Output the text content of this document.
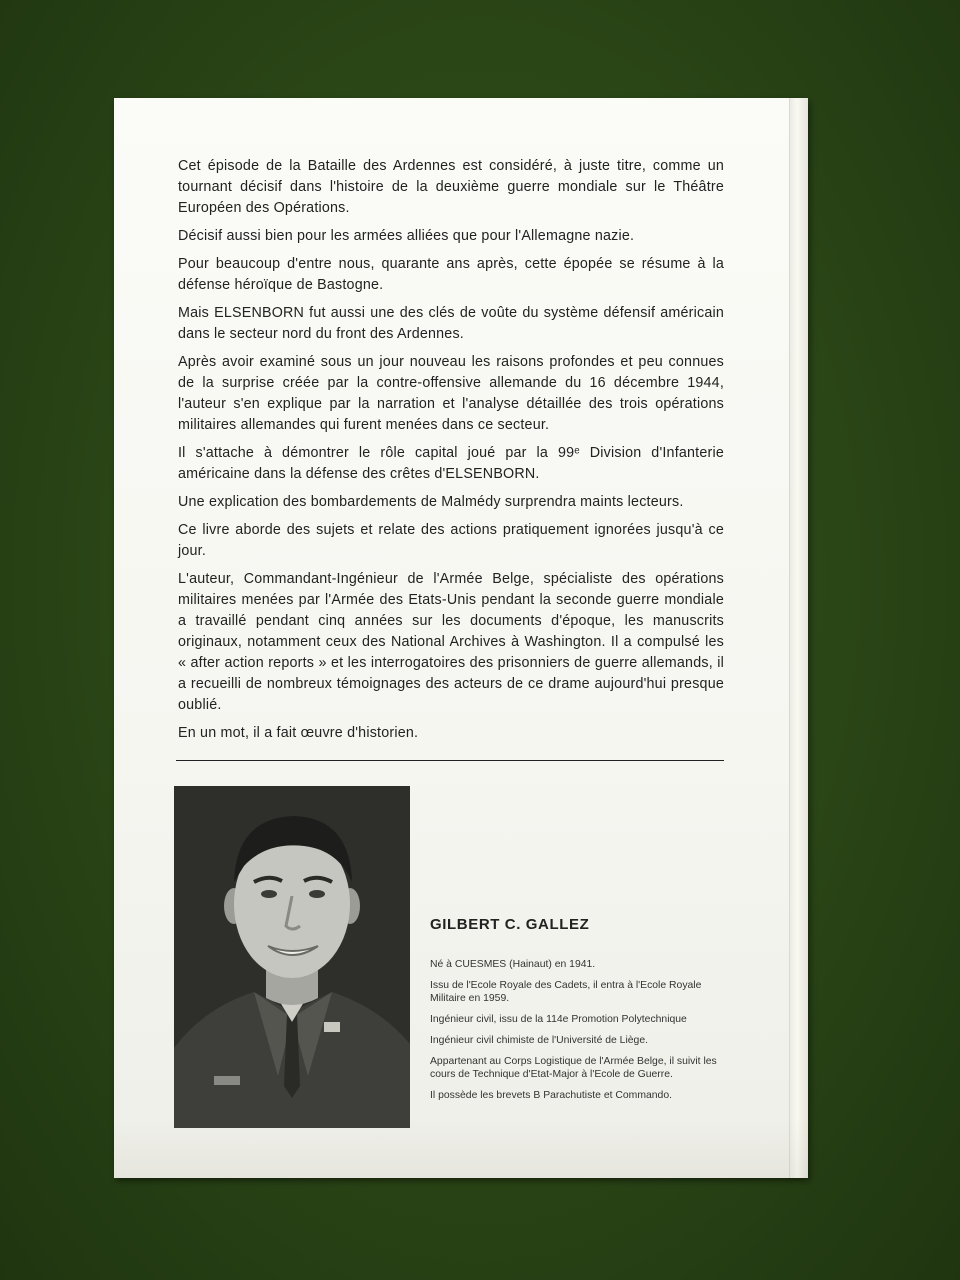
Cet épisode de la Bataille des Ardennes est considéré, à juste titre, comme un tournant décisif dans l'histoire de la deuxième guerre mondiale sur le Théâtre Européen des Opérations.

Décisif aussi bien pour les armées alliées que pour l'Allemagne nazie.

Pour beaucoup d'entre nous, quarante ans après, cette épopée se résume à la défense héroïque de Bastogne.

Mais ELSENBORN fut aussi une des clés de voûte du système défensif américain dans le secteur nord du front des Ardennes.

Après avoir examiné sous un jour nouveau les raisons profondes et peu connues de la surprise créée par la contre-offensive allemande du 16 décembre 1944, l'auteur s'en explique par la narration et l'analyse détaillée des trois opérations militaires allemandes qui furent menées dans ce secteur.

Il s'attache à démontrer le rôle capital joué par la 99ᵉ Division d'Infanterie américaine dans la défense des crêtes d'ELSENBORN.

Une explication des bombardements de Malmédy surprendra maints lecteurs.

Ce livre aborde des sujets et relate des actions pratiquement ignorées jusqu'à ce jour.

L'auteur, Commandant-Ingénieur de l'Armée Belge, spécialiste des opérations militaires menées par l'Armée des Etats-Unis pendant la seconde guerre mondiale a travaillé pendant cinq années sur les documents d'époque, les manuscrits originaux, notamment ceux des National Archives à Washington. Il a compulsé les « after action reports » et les interrogatoires des prisonniers de guerre allemands, il a recueilli de nombreux témoignages des acteurs de ce drame aujourd'hui presque oublié.

En un mot, il a fait œuvre d'historien.

GILBERT C. GALLEZ

Né à CUESMES (Hainaut) en 1941.

Issu de l'Ecole Royale des Cadets, il entra à l'Ecole Royale Militaire en 1959.

Ingénieur civil, issu de la 114e Promotion Polytechnique

Ingénieur civil chimiste de l'Université de Liège.

Appartenant au Corps Logistique de l'Armée Belge, il suivit les cours de Technique d'Etat-Major à l'Ecole de Guerre.

Il possède les brevets B Parachutiste et Commando.
